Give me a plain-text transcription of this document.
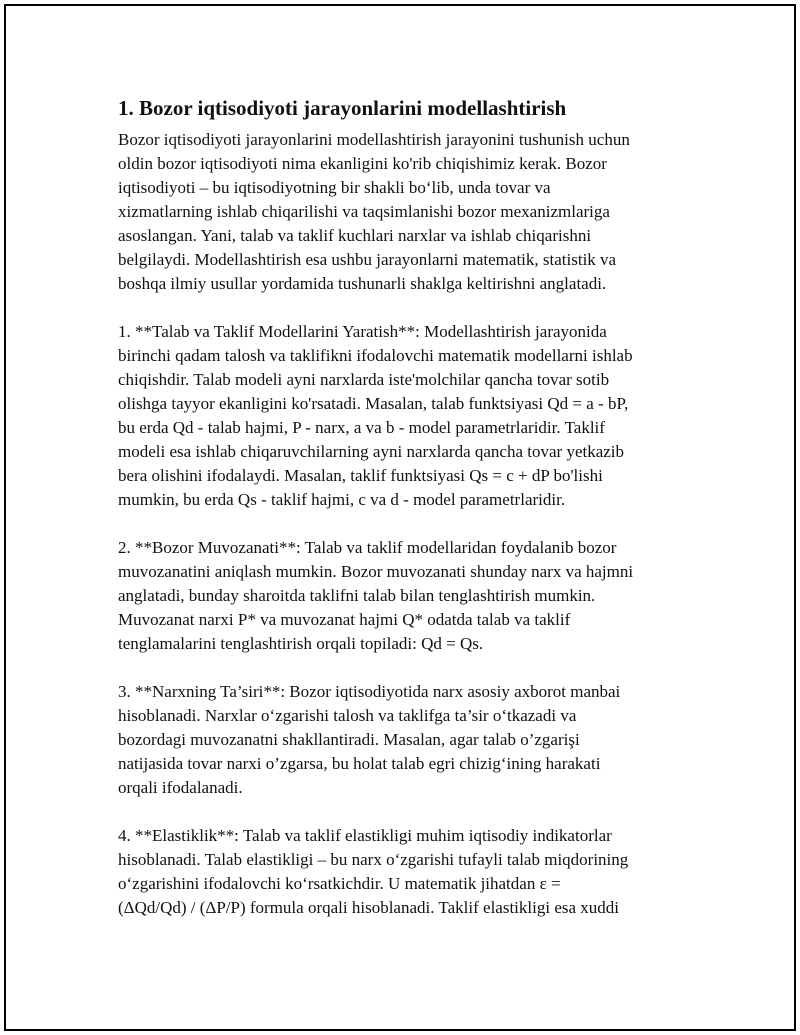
1. Bozor iqtisodiyoti jarayonlarini modellashtirish

Bozor iqtisodiyoti jarayonlarini modellashtirish jarayonini tushunish uchun
oldin bozor iqtisodiyoti nima ekanligini ko'rib chiqishimiz kerak. Bozor
iqtisodiyoti – bu iqtisodiyotning bir shakli bo‘lib, unda tovar va
xizmatlarning ishlab chiqarilishi va taqsimlanishi bozor mexanizmlariga
asoslangan. Yani, talab va taklif kuchlari narxlar va ishlab chiqarishni
belgilaydi. Modellashtirish esa ushbu jarayonlarni matematik, statistik va
boshqa ilmiy usullar yordamida tushunarli shaklga keltirishni anglatadi.

1. **Talab va Taklif Modellarini Yaratish**: Modellashtirish jarayonida
birinchi qadam talosh va taklifikni ifodalovchi matematik modellarni ishlab
chiqishdir. Talab modeli ayni narxlarda iste'molchilar qancha tovar sotib
olishga tayyor ekanligini ko'rsatadi. Masalan, talab funktsiyasi Qd = a - bP,
bu erda Qd - talab hajmi, P - narx, a va b - model parametrlaridir. Taklif
modeli esa ishlab chiqaruvchilarning ayni narxlarda qancha tovar yetkazib
bera olishini ifodalaydi. Masalan, taklif funktsiyasi Qs = c + dP bo'lishi
mumkin, bu erda Qs - taklif hajmi, c va d - model parametrlaridir.

2. **Bozor Muvozanati**: Talab va taklif modellaridan foydalanib bozor
muvozanatini aniqlash mumkin. Bozor muvozanati shunday narx va hajmni
anglatadi, bunday sharoitda taklifni talab bilan tenglashtirish mumkin.
Muvozanat narxi P* va muvozanat hajmi Q* odatda talab va taklif
tenglamalarini tenglashtirish orqali topiladi: Qd = Qs.

3. **Narxning Ta’siri**: Bozor iqtisodiyotida narx asosiy axborot manbai
hisoblanadi. Narxlar o‘zgarishi talosh va taklifga ta’sir o‘tkazadi va
bozordagi muvozanatni shakllantiradi. Masalan, agar talab o’zgarişi
natijasida tovar narxi o’zgarsa, bu holat talab egri chizig‘ining harakati
orqali ifodalanadi.

4. **Elastiklik**: Talab va taklif elastikligi muhim iqtisodiy indikatorlar
hisoblanadi. Talab elastikligi – bu narx o‘zgarishi tufayli talab miqdorining
o‘zgarishini ifodalovchi ko‘rsatkichdir. U matematik jihatdan ε =
(ΔQd/Qd) / (ΔP/P) formula orqali hisoblanadi. Taklif elastikligi esa xuddi
